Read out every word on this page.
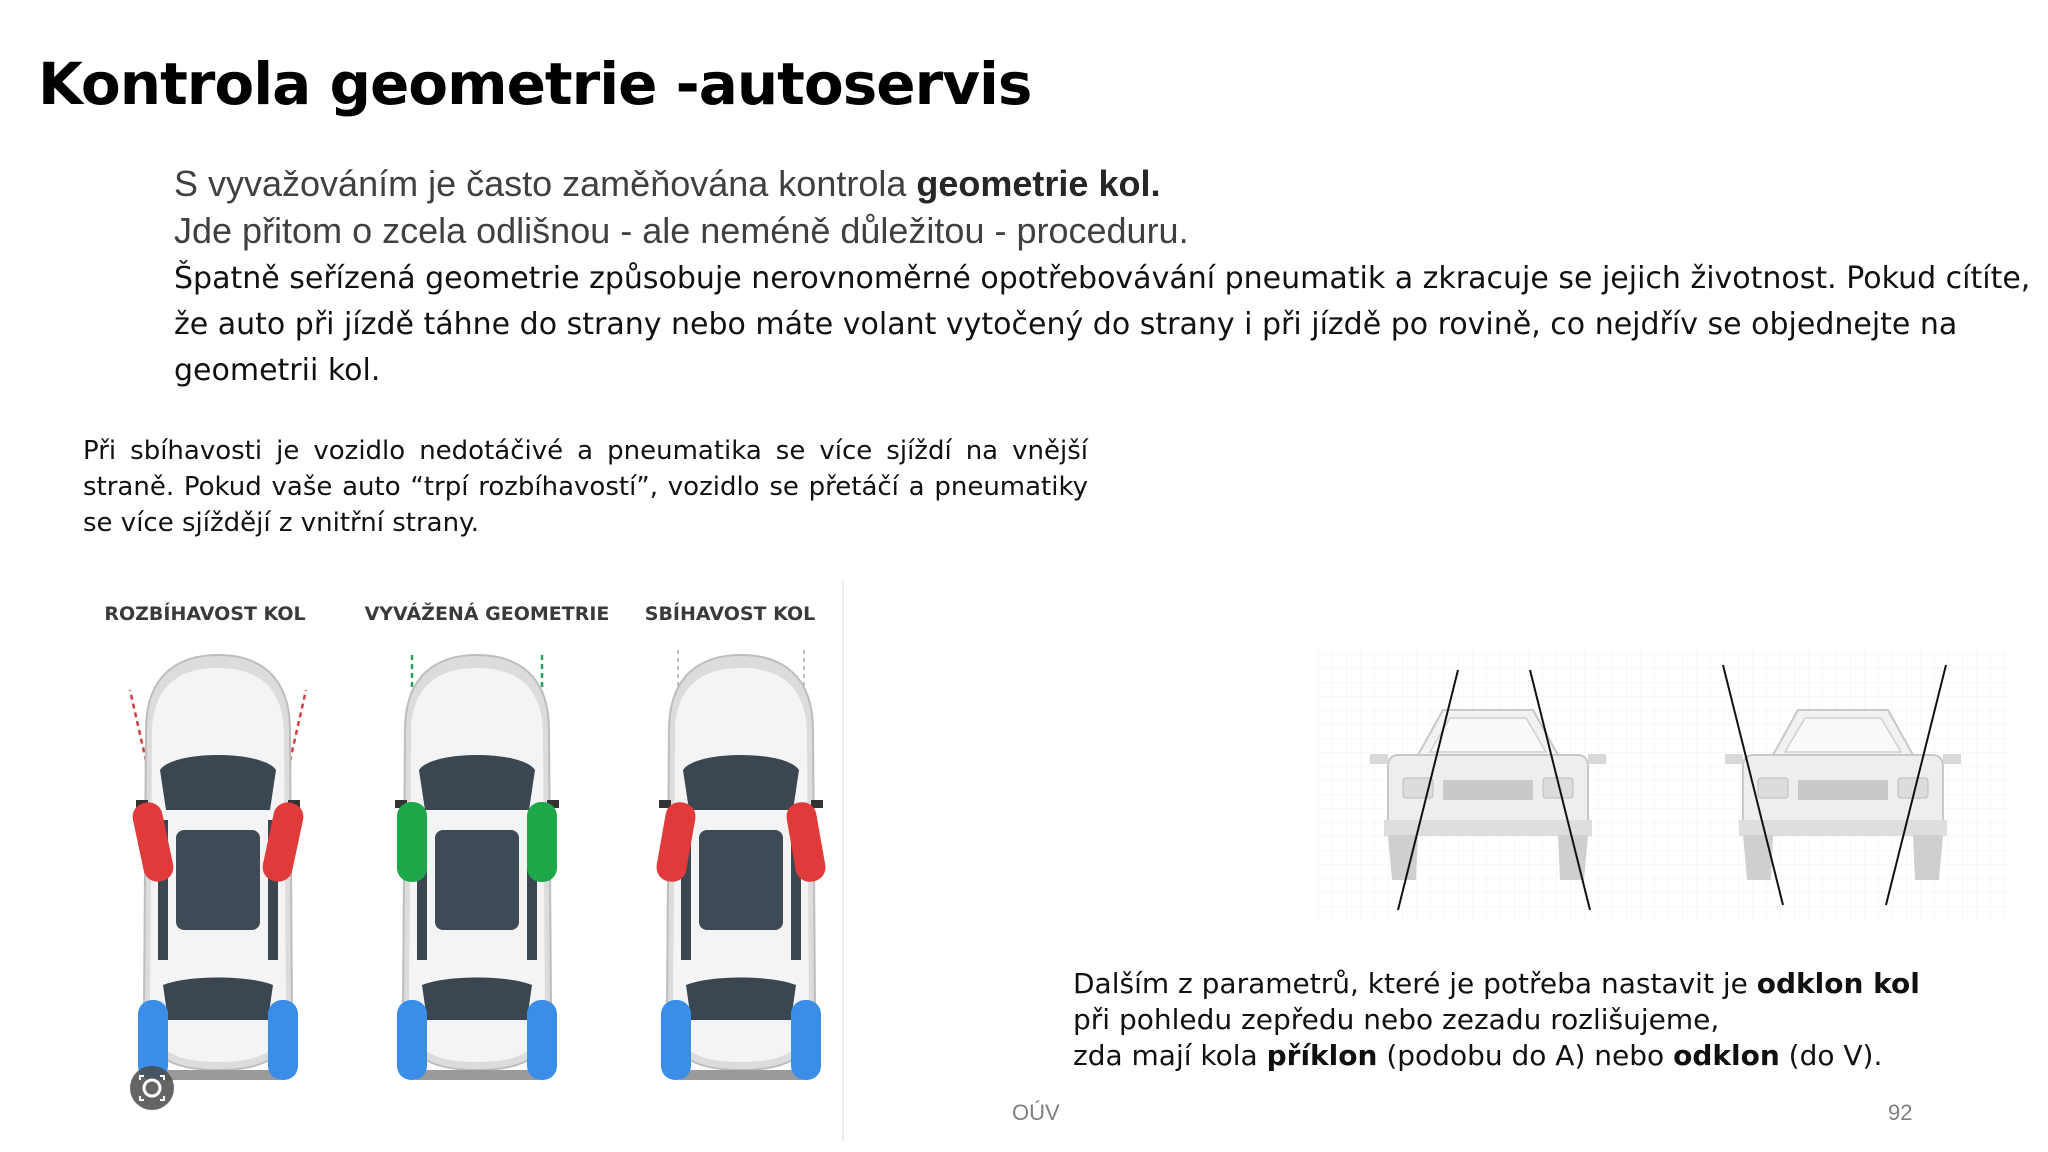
Kontrola geometrie -autoservis
S vyvažováním je často zaměňována kontrola geometrie kol.
Jde přitom o zcela odlišnou - ale neméně důležitou - proceduru.
Špatně seřízená geometrie způsobuje nerovnoměrné opotřebovávání pneumatik a zkracuje se jejich životnost. Pokud cítíte, že auto při jízdě táhne do strany nebo máte volant vytočený do strany i při jízdě po rovině, co nejdřív se objednejte na geometrii kol.
Při sbíhavosti je vozidlo nedotáčivé a pneumatika se více sjíždí na vnější straně. Pokud vaše auto “trpí rozbíhavostí”, vozidlo se přetáčí a pneumatiky se více sjíždějí z vnitřní strany.
ROZBÍHAVOST KOL	VYVÁŽENÁ GEOMETRIE SBÍHAVOST KOL
Dalším z parametrů, které je potřeba nastavit je odklon kol
při pohledu zepředu nebo zezadu rozlišujeme,
zda mají kola příklon (podobu do A) nebo odklon (do V).
OÚV	92
